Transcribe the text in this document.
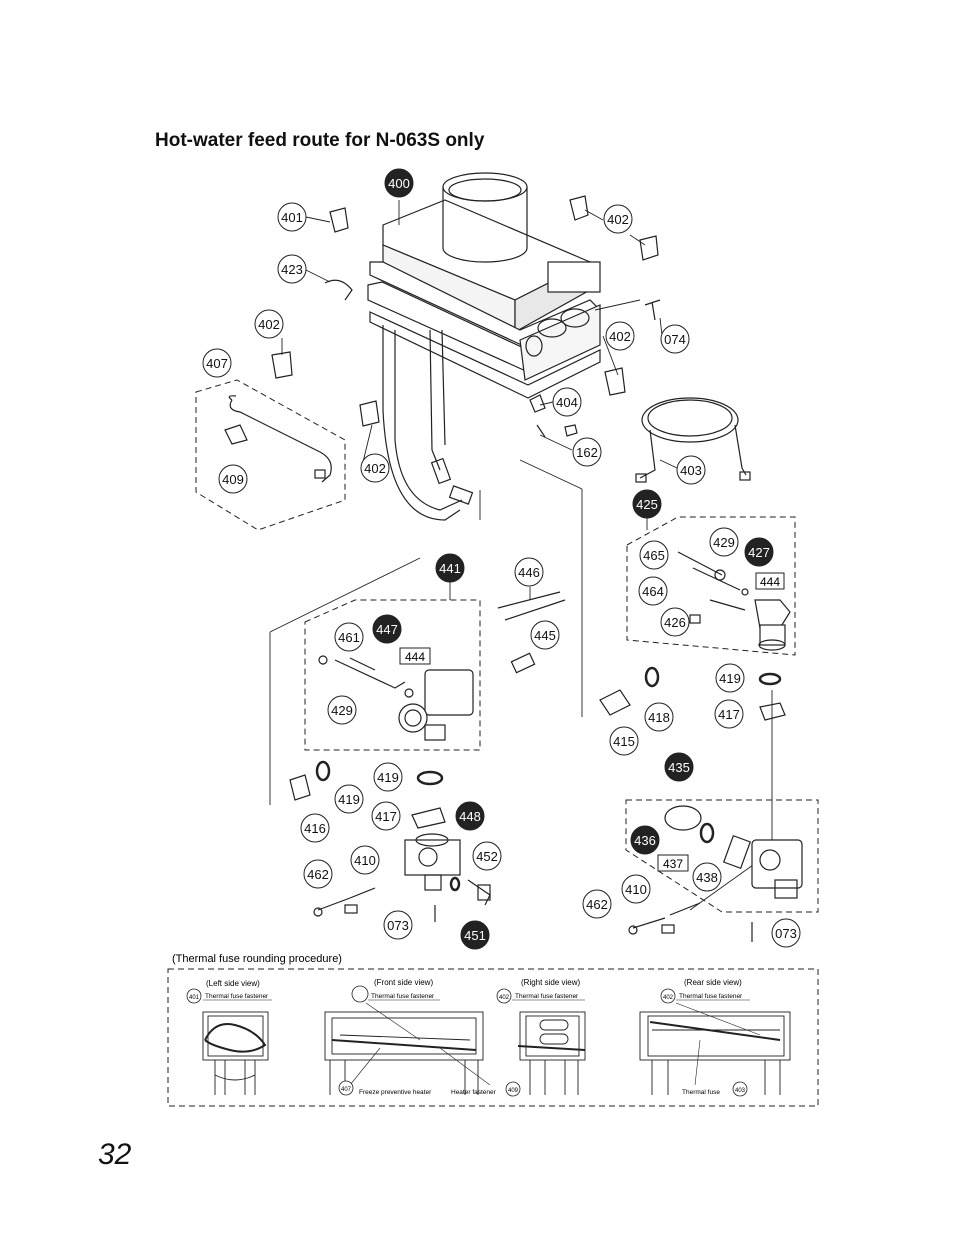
Hot-water feed route for N-063S only
400
401	402
423
402
407
402	074
404
162
409
402	403
425
441	446
465
429
427
464
426
461
447	445
429
419
418	417
415
419
419
416
417	448
435
436
410	452
462	438
410
073
451
462
073
444
444
437
(Thermal fuse rounding procedure)
(Left side view)	(Front side view)	(Right side view)	(Rear side view)
401 Thermal fuse fastener	Thermal fuse fastener	402 Thermal fuse fastener	402 Thermal fuse fastener
407 Freeze preventive heater	Heater fastener 409	Thermal fuse	403
32
